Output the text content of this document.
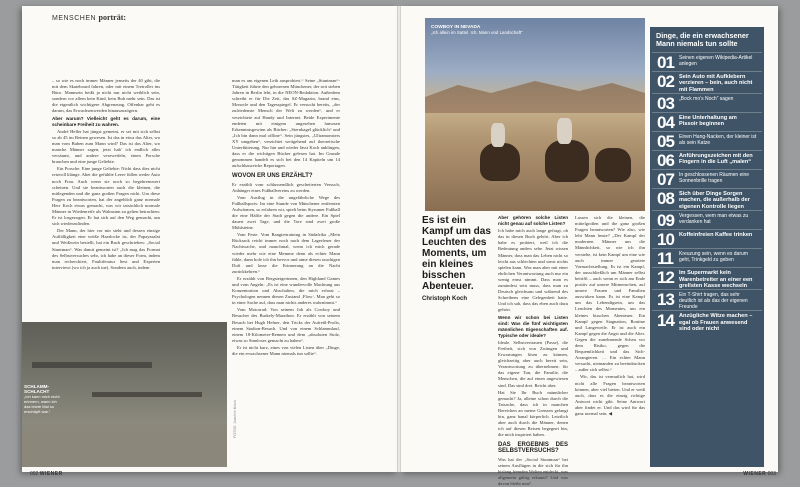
MENSCHEN porträt:

– so wie es noch immer Männer jenseits der 40 gibt, die mit dem Skateboard fahren, oder mit einem Tretroller ins Büro. Mannsein heißt ja nicht nur nicht weiblich sein, sondern vor allem kein Kind, kein Bub mehr sein. Das ist die eigentlich wichtigere Abgrenzung. Offenbar geht es darum, das Erwachsenwerden hinauszuzögern.

Aber warum? Vielleicht geht es darum, eine scheinbare Freiheit zu wahren.

André Heller hat jüngst gemeint, er sei mit sich selbst so ab 45 im Reinen gewesen. Ist das in etwa das Alter, wo man vom Buben zum Mann wird? Das ist das Alter, wo manche Männer sagen, jetzt hab' ich endlich alles versäumt, und andere verzweifeln, einen Porsche brauchen und eine junge Geliebte.

Ein Porsche. Eine junge Geliebte: Nicht dass dies nicht reizvoll klänge. Aber die gefühlte Leere füllen weder Auto noch Frau. Auch wenn sie noch so begehrenswert scheinen. Und sie beantworten auch die kleinen, die mitlegenden und die ganz großen Fragen nicht. Um diese Fragen zu beantworten, hat der angeblich ganz normale Herr Koch etwas gemacht, was wir tatsächlich normale Männer in Wiedenreife als Wahnsinn zu gelten betrachten: Er ist losgezogen. Er hat sich auf den Weg gemacht, um sich wiederzufinden.

Der Mann, der hier vor mir steht und dessen einzige Auffälligkeit eine weiße Haarlocke ist, der Papayasalat und Weißwein bestellt, hat ein Buch geschrieben: „Social Stuntman“. Was damit gemeint ist? „Ich mag das Format des Selbstversuches sehr, ich habe an dieser Form, indem man recherchiert, Faultiferatur liest und Experten interviewt (wo ich ja auch tue). Sondern auch, indem

man es am eigenen Leib ausprobiert.“ Seine „Stuntman“-Tätigkeit führte den geborenen Münchener, der seit sieben Jahren in Berlin lebt, in die NEON-Redaktion. Außerdem schreibt er für Die Zeit, das SZ-Magazin, brand eins, Monocle und den Tagesspiegel. Er versucht bereits, „der zufriedenste Mensch der Welt zu werden“, und er verzichtete auf Handy und Internet. Beide Experimente endeten mit einigem ungesehen famosen Erkenntnisgewinn als Bücher: „Sternhagel glücklich“ und „Ich bin dann mal offline“. Sein jüngstes, „Ultramonsters XY umgeben“, verzichtet weitgehend auf theoretische Unterfütterung. Nur hin und wieder lässt Koch anklingen, dass er die wichtigen Bücher gelesen hat. Im Grunde genommen handelt es sich bei den 14 Kapiteln um 14 aufschlussreiche Reportagen.

WOVON ER UNS ERZÄHLT?

Er erzählt vom schlussendlich gescheiterten Versuch, Anhänger eines Fußballvereins zu werden.

Vom Ausflug in die ungefährliche Wege des Fußballsports: Im eine Stunde von Münchener entfernten Aufwärmen, so erfahren wir, spielt beim Styrumer Fußball die eine Hälfte der Stadt gegen die andere. Ein Spiel dauert zwei Tage, und die Tore sind zwei große Mühlsteine.

Vom Feste. Vom Rangiertraining in Südafrika „Mein Rücksack reicht immer noch nach dem Lagerfeuer der Nachtwache, und manchmal, wenn ich mich gerade wieder mehr wie eine Memme denn als echter Mann fühle, dann hole ich ihn hervor und atme diesen rauchigen Duft und lasse die Erinnerung an die Nacht zurückkehren.“

Er erzählt von Bergsteigerinnen, den Highland Games und vom Angeln: „Es ist eine wundervolle Machtung aus Konzentration und Abschalten, die mich erfasst – Psychologen nennen diesen Zustand ‚Flow‘. Man geht so in einer Sache auf, dass man nichts anderes wahrnimmt.“

Vom Motorrad: Von seinem Job als Cowboy und Besucher des Burkely-Marathon. Er erzählt von seinem Besuch bei Hugh Hefner, den Tricks der Aufreiß-Profis, einem Stadion-Besuch. Und von einem Schlammlauf, einem 18-Kilometer-Rennen und dem „absoluten Stolz, etwas so Sinnloses gemacht zu haben“.

Er ist nicht kurz, eines von vielen Listen über „Dinge, die ein erwachsener Mann niemals tun sollte“.

SCHLAMM-SCHLACHT
„Ich kann mich nicht erinnern, wann ich das letzte Mal so erschöpft war.“	FOTOS: Joachim Bruck
COWBOY IN NEVADA
„Ich allein im Sattel. Ich. Mann und Landschaft“
Es ist ein Kampf um das Leuchten des Moments, um ein kleines bisschen Abenteuer.
Christoph Koch

Aber gehören solche Listen nicht genau auf solche Listen?

Ich habe mich auch lange gefragt, ob das in diesen Buch gehört. Aber ich habe es probiert, weil ich die Bedeutung anders sehe. Jetzt wissen Männer, dass man das Leben nicht so leicht aus schlechten und sonst nichts spielen kann. Was man aber mit einer ehrlichen Verantwortung auch nur ein wenig ernst nimmt. Dass man es zumindest sein muss, dass man zu Deutsch gleichsam und während des Schreibens eine Gelegenheit hatte. Und ich sah, dass das eben auch dazu gehört.

Wenn wir schon bei Listen sind: Was die fünf wichtigsten männlichen Eigenschaften auf. Typische oder ideale?

Ideale. Selbstvertrauen (Passe), die Freiheit, sich von Zwängen und Erwartungen lösen zu können, gleichzeitig aber auch bereit sein, Verantwortung zu übernehmen: für das eigene Tun, die Familie, die Menschen, die auf einen angewiesen sind. Das sind drei. Reicht aber.

Hat Sie Ihr Buch männlicher gemacht? Ja, alleine schon durch die Tatsache, dass ich in manchen Bereichen an meine Grenzen gelangt bin, ganz banal körperlich. Letztlich aber auch durch die Männer, denen ich auf diesen Reisen begegnet bin, die mich inspiriert haben.

DAS ERGEBNIS DES SELBSTVERSUCHS?

Was hat der „Social Stuntman“ bei seinen Ausflügen in die sich für ihn bislang fremden Welten entdeckt, was allgemein gültig erkannt? Und was davon bleibt nun?

Lassen sich die kleinen, die mittelgroßen und die ganz großen Fragen beantworten? Wie also, wie lebt Mann heute? „Der Kampf der modernen Männer um die Männlichkeit, so wie ich ihn verstehe, ist kein Kampf um eine wie auch immer geartete Vormachtstellung. Es ist ein Kampf, der ausschließlich um Männer selbst betrifft – auch wenn er sich am Ende positiv auf unsere Mitmenschen, auf unsere Frauen und Familien auswirken kann. Es ist eine Kampf um das Lebendigsein, um das Leuchten des Momentes, um ein kleines bisschen Abenteuer. Ein Kampf gegen Stagnation, Routine und Langeweile. Er ist auch ein Kampf gegen die Angst und die Alter. Gegen die zunehmende Scheu vor dem Risiko, gegen die Bequemlichkeit und das Sich-Arrangieren. … Ein echter Mann versucht, niemanden zu beeindrucken – außer sich selbst.“

Wir, das ist vermutlich hat, wird nicht alle Fragen beantworten können, aber viel bieten. Und er weiß auch, dass es die einzig richtige Antwort nicht gibt. Seine Antwort aber findet er. Und das wird für das ganz normal sein. ◀

Dinge, die ein erwachsener Mann niemals tun sollte
01	Seinen eigenen Wikipedia-Artikel anlegen
02 Sein Auto mit Aufklebern verzieren – bein, auch nicht mit Flammen
03	„Bock mo’s Noch“ sagen
04 Eine Unterhaltung am Pissoir beginnen
05	Einen Hang-Nacken, der kleiner ist als sein Katze
06 Anführungszeichen mit den Fingern in die Luft „malen“
07	In geschlossenen Räumen eine Sonnenbrille tragen
08 Sich über Dinge Sorgen machen, die außerhalb der eigenen Kontrolle liegen
09	Vergessen, wem man etwas zu verdanken hat
10 Koffeinfreien Kaffee trinken
11	Kreuzung sein, wenn es darum geht, Trinkgeld zu geben
12 Im Supermarkt kein Warenbetreiter an einer een grellsten Kasse wechseln
13	Ein T-Shirt tragen, das sehr deutlich ist als das der eigenen Freunde
14 Anzügliche Witze machen – egal ob Frauen anwesend sind oder nicht
002 WIENER	WIENER 003
